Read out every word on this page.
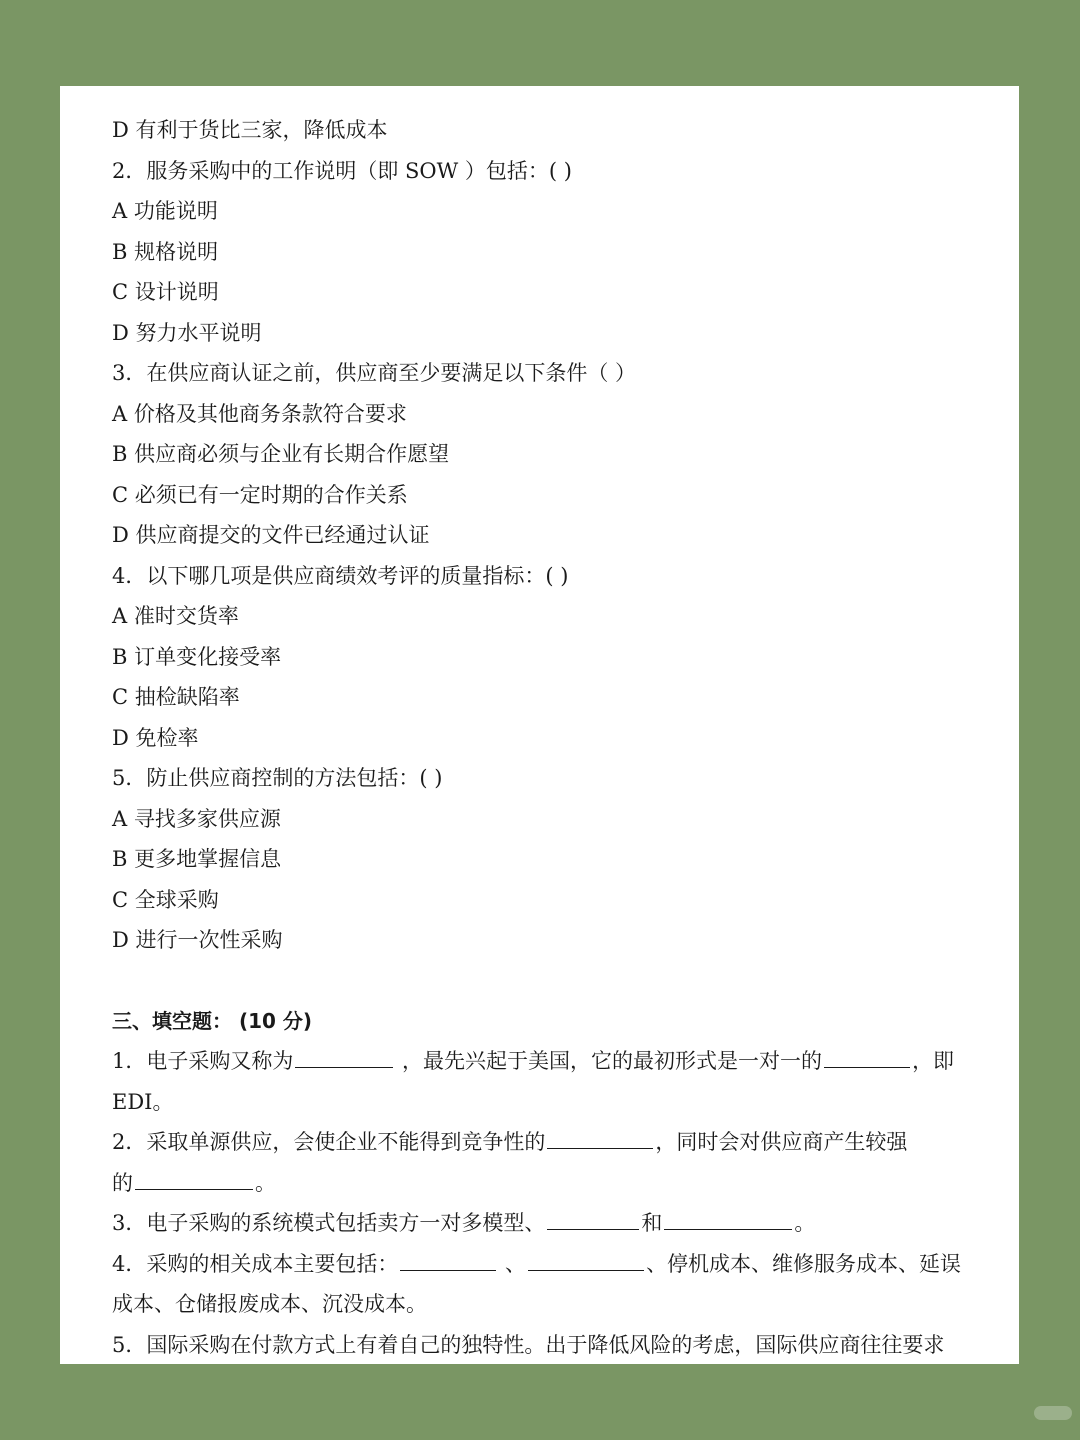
D 有利于货比三家，降低成本
2．服务采购中的工作说明（即 SOW ）包括：( )
A 功能说明
B 规格说明
C 设计说明
D 努力水平说明
3．在供应商认证之前，供应商至少要满足以下条件（ ）
A 价格及其他商务条款符合要求
B 供应商必须与企业有长期合作愿望
C 必须已有一定时期的合作关系
D 供应商提交的文件已经通过认证
4．以下哪几项是供应商绩效考评的质量指标：( )
A 准时交货率
B 订单变化接受率
C 抽检缺陷率
D 免检率
5．防止供应商控制的方法包括：( )
A 寻找多家供应源
B 更多地掌握信息
C 全球采购
D 进行一次性采购
三、填空题： (10 分)
1．电子采购又称为	，最先兴起于美国，它的最初形式是一对一的	，即
EDI。
2．采取单源供应，会使企业不能得到竞争性的	，同时会对供应商产生较强
的	。
3．电子采购的系统模式包括卖方一对多模型、	和	。
4．采购的相关成本主要包括：	、	、停机成本、维修服务成本、延误
成本、仓储报废成本、沉没成本。
5．国际采购在付款方式上有着自己的独特性。出于降低风险的考虑，国际供应商往往要求
